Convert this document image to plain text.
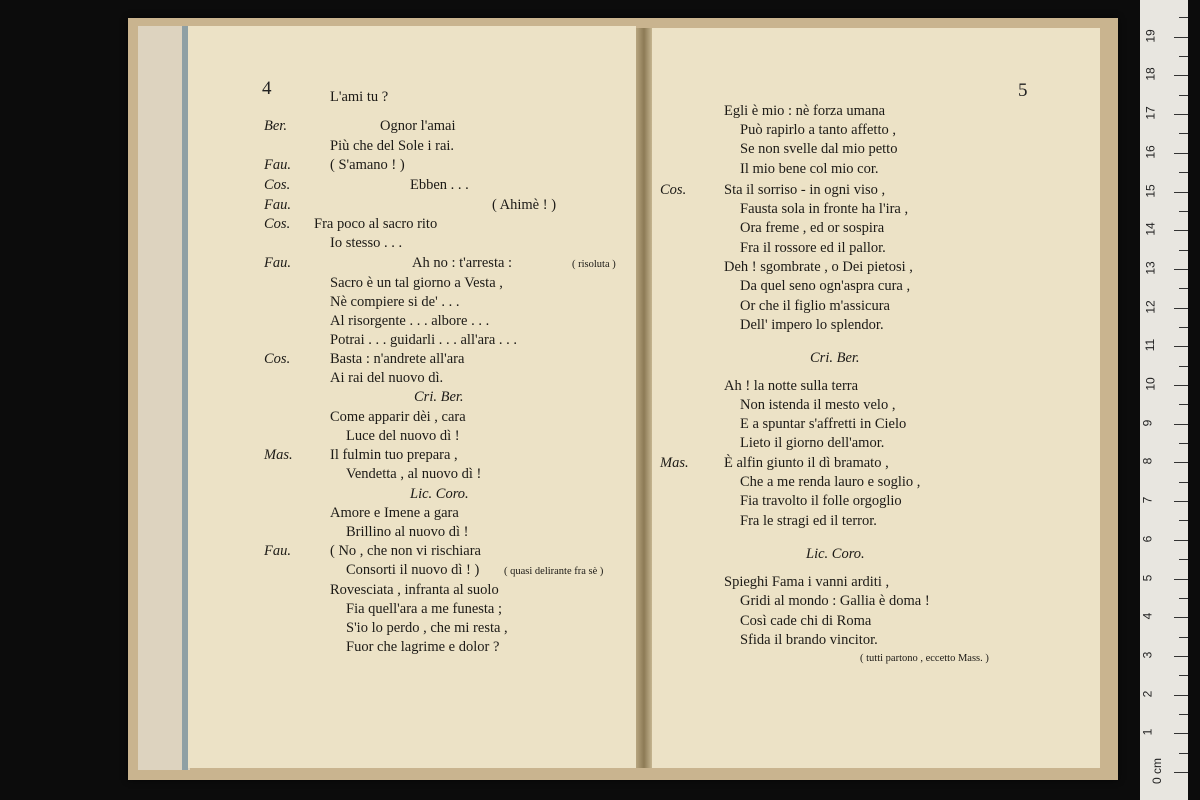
4	L'ami tu ?
Ber.	Ognor l'amai
Più che del Sole i rai.
Fau.	( S'amano ! )
Cos.	Ebben . . .
Fau.	( Ahimè ! )
Cos. Fra poco al sacro rito
Io stesso . . .
Fau.	Ah no : t'arresta :	( risoluta )
Sacro è un tal giorno a Vesta ,
Nè compiere si de' . . .
Al risorgente . . . albore . . .
Potrai . . . guidarli . . . all'ara . . .
Cos.	Basta : n'andrete all'ara
Ai rai del nuovo dì.
Cri. Ber.
Come apparir dèi , cara
Luce del nuovo dì !
Mas.	Il fulmin tuo prepara ,
Vendetta , al nuovo dì !
Lic. Coro.
Amore e Imene a gara
Brillino al nuovo dì !
Fau.	( No , che non vi rischiara
Consorti il nuovo dì ! ) ( quasi delirante fra sè )
Rovesciata , infranta al suolo
Fia quell'ara a me funesta ;
S'io lo perdo , che mi resta ,
Fuor che lagrime e dolor ?
5
Egli è mio : nè forza umana
Può rapirlo a tanto affetto ,
Se non svelle dal mio petto
Il mio bene col mio cor.
Cos.	Sta il sorriso - in ogni viso ,
Fausta sola in fronte ha l'ira ,
Ora freme , ed or sospira
Fra il rossore ed il pallor.
Deh ! sgombrate , o Dei pietosi ,
Da quel seno ogn'aspra cura ,
Or che il figlio m'assicura
Dell' impero lo splendor.
Cri. Ber.
Ah ! la notte sulla terra
Non istenda il mesto velo ,
E a spuntar s'affretti in Cielo
Lieto il giorno dell'amor.
Mas. È alfin giunto il dì bramato ,
Che a me renda lauro e soglio ,
Fia travolto il folle orgoglio
Fra le stragi ed il terror.
Lic. Coro.
Spieghi Fama i vanni arditi ,
Gridi al mondo : Gallia è doma !
Così cade chi di Roma
Sfida il brando vincitor.
( tutti partono , eccetto Mass. )
0 cm
1
2
3
4
5
6
7
8
9
10
11
12
13
14
15
16
17
18
19
